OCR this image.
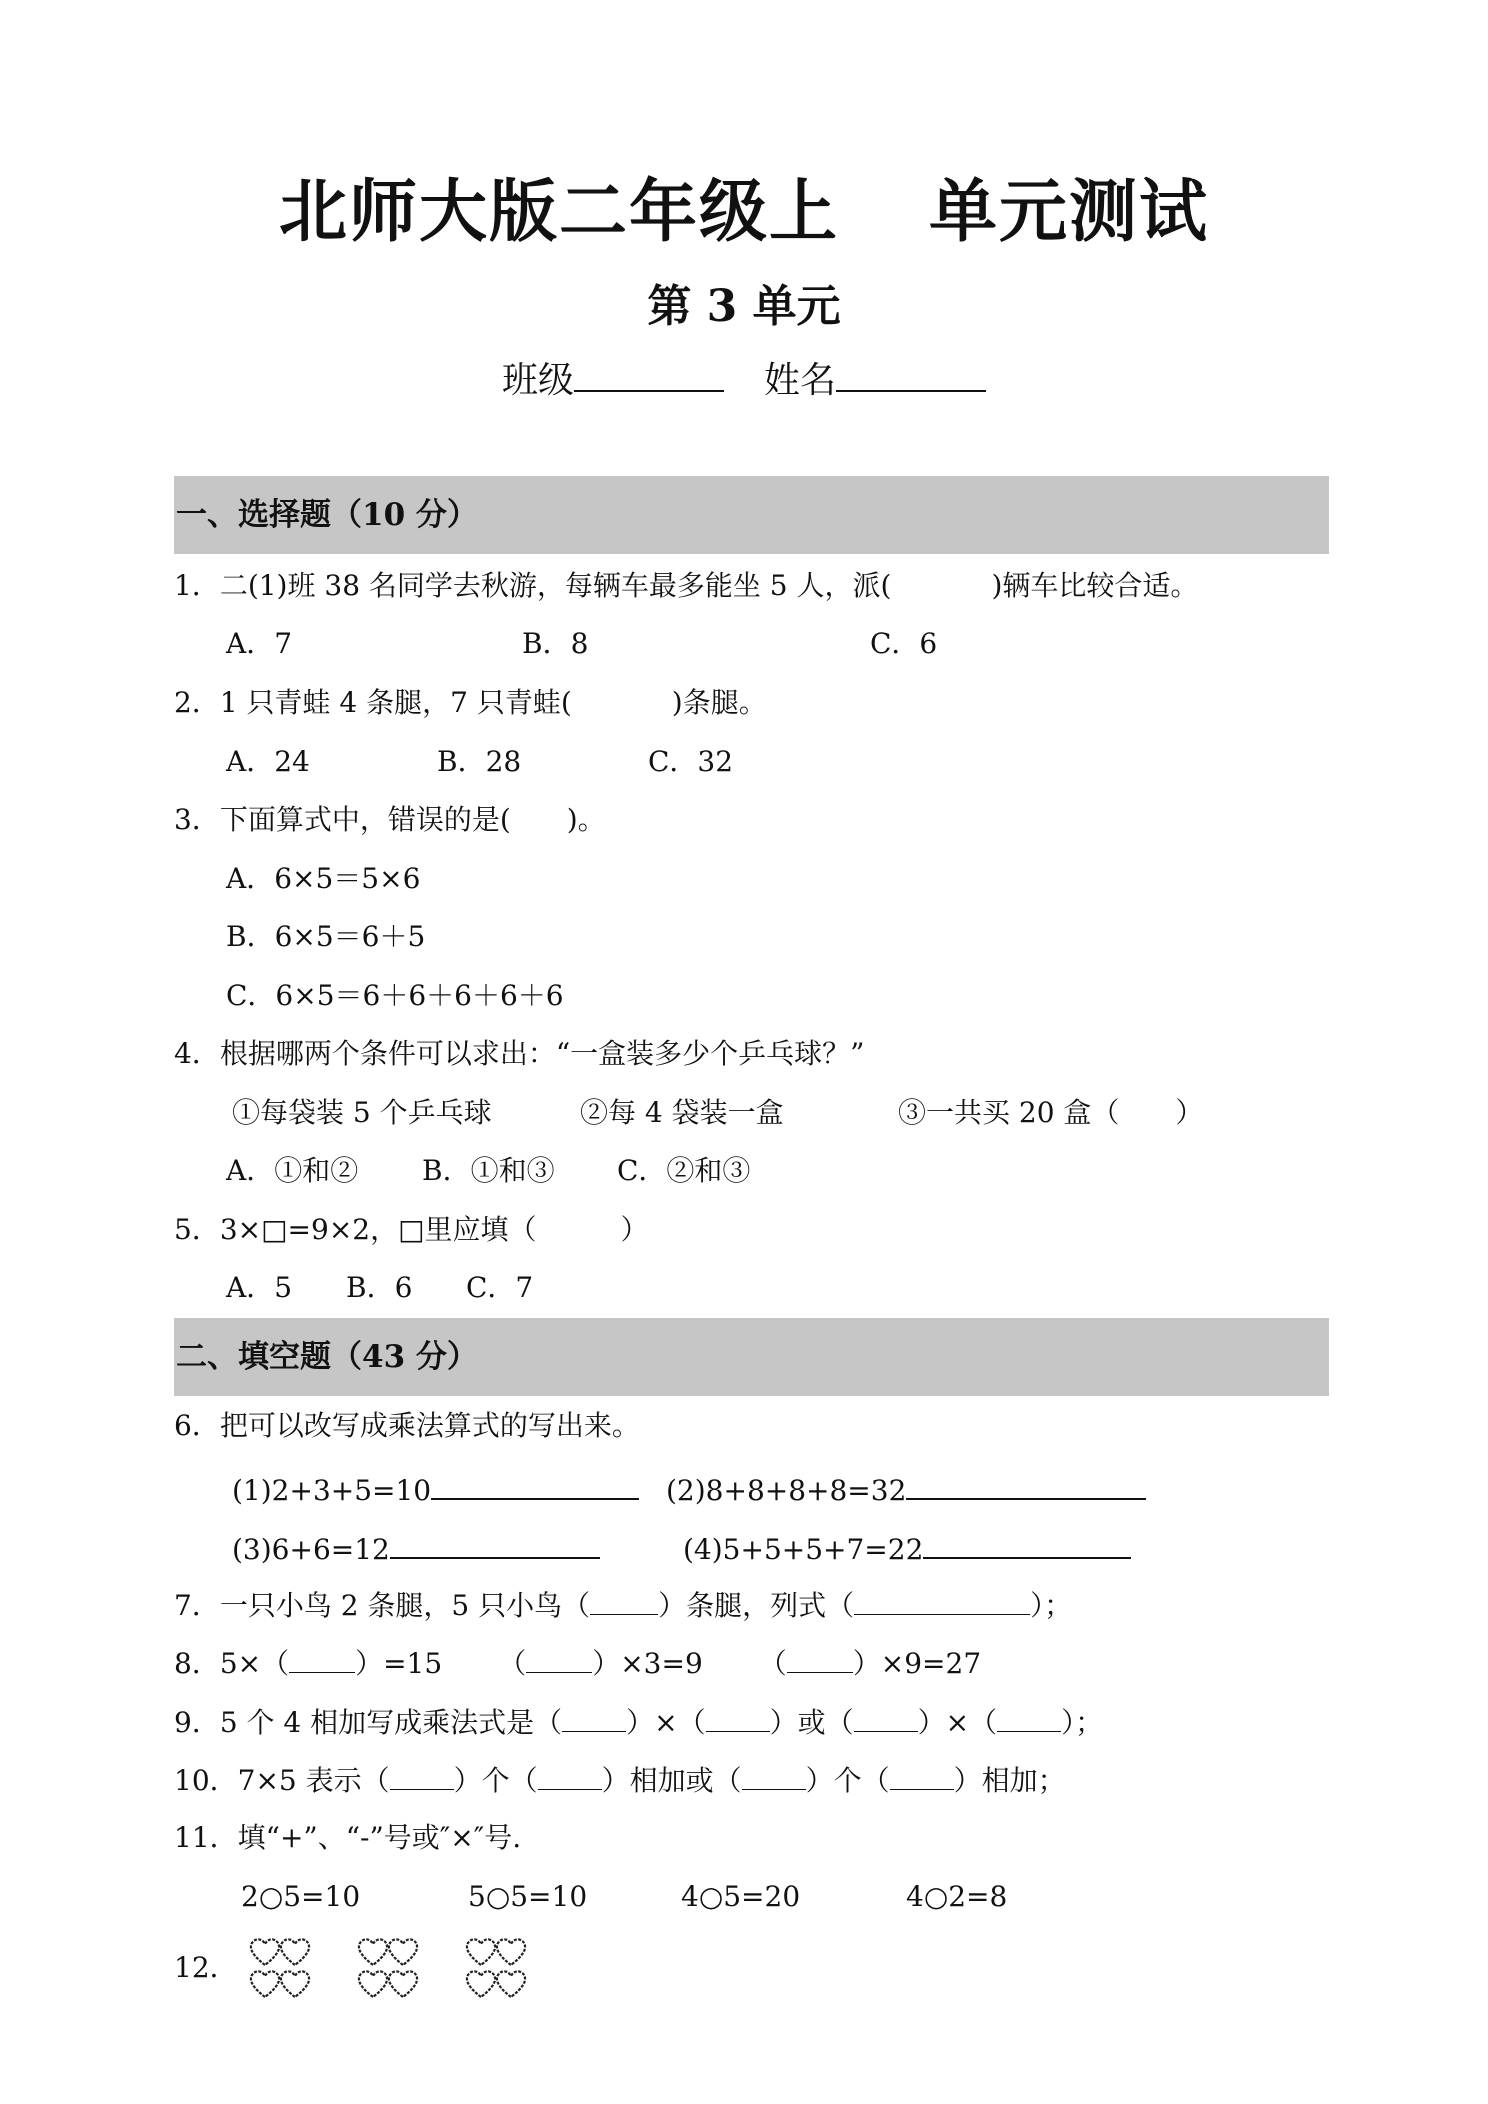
北师大版二年级上 单元测试
第 3 单元
班级	姓名
一、选择题（10 分）
1．二(1)班 38 名同学去秋游，每辆车最多能坐 5 人，派(	)辆车比较合适。
A．7	B．8	C．6
2．1 只青蛙 4 条腿，7 只青蛙(	)条腿。
A．24	B．28	C．32
3．下面算式中，错误的是(　　)。
A．6×5＝5×6
B．6×5＝6＋5
C．6×5＝6＋6＋6＋6＋6
4．根据哪两个条件可以求出：“一盒装多少个乒乓球？”
①每袋装 5 个乒乓球	②每 4 袋装一盒	③一共买 20 盒（　　）
A．①和② B．①和③ C．②和③
5．3×□=9×2，□里应填（　　　）
A．5 B．6 C．7
二、填空题（43 分）
6．把可以改写成乘法算式的写出来。
(1)2+3+5=10	(2)8+8+8+8=32
(3)6+6=12	(4)5+5+5+7=22
7．一只小鸟 2 条腿，5 只小鸟（ ）条腿，列式（	）；
8．5×（ ）=15 （ ）×3=9 （ ）×9=27
9．5 个 4 相加写成乘法式是（ ）×（ ）或（ ）×（ ）；
10．7×5 表示（ ）个（ ）相加或（ ）个（ ）相加；
11．填“+”、“-”号或″×″号.
2○5=10	5○5=10	4○5=20	4○2=8
12．
